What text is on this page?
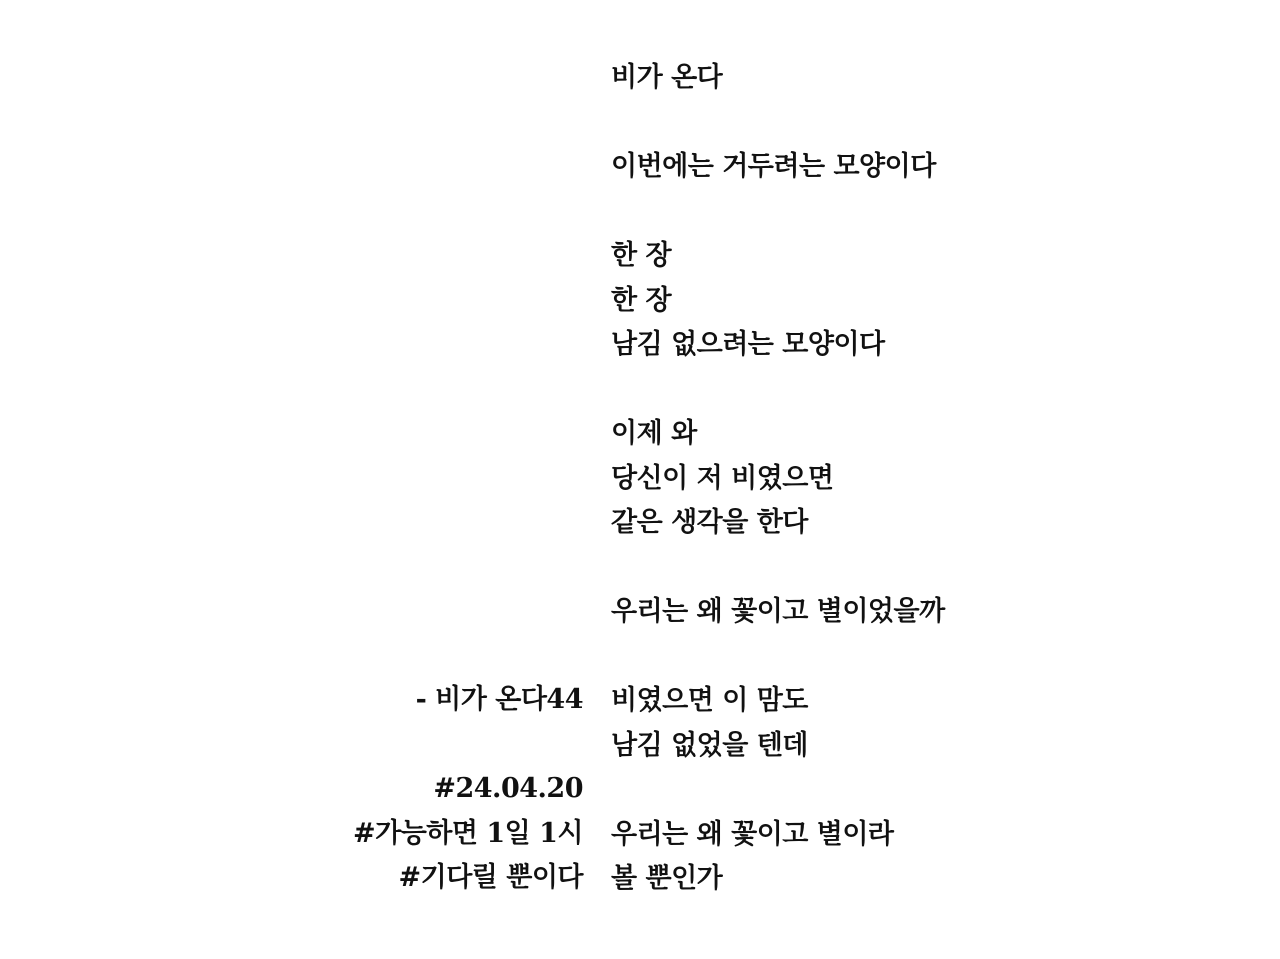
비가 온다
이번에는 거두려는 모양이다
한 장
한 장
남김 없으려는 모양이다
이제 와
당신이 저 비였으면
같은 생각을 한다
우리는 왜 꽃이고 별이었을까
비였으면 이 맘도
남김 없었을 텐데
우리는 왜 꽃이고 별이라
볼 뿐인가
- 비가 온다44
#24.04.20
#가능하면 1일 1시
#기다릴 뿐이다
